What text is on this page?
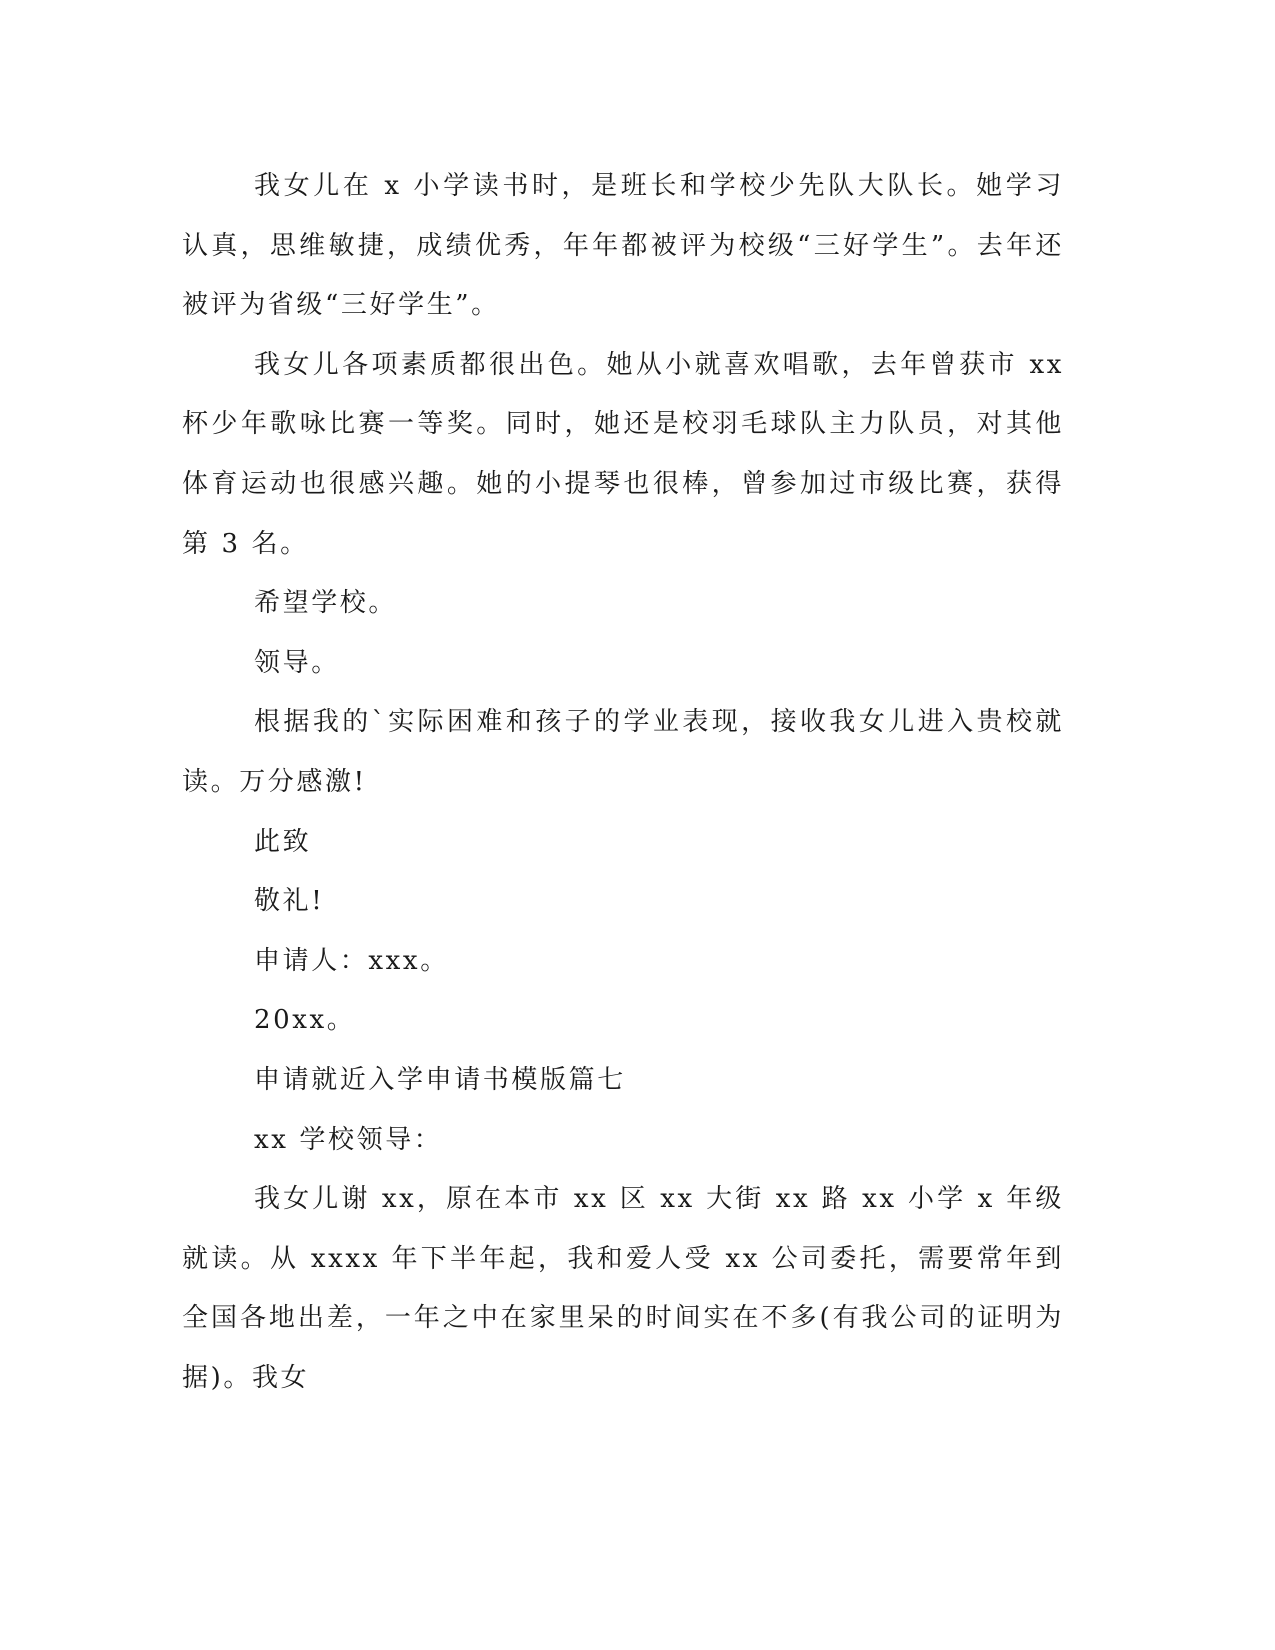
我女儿在 x 小学读书时，是班长和学校少先队大队长。她学习认真，思维敏捷，成绩优秀，年年都被评为校级“三好学生”。去年还被评为省级“三好学生”。

我女儿各项素质都很出色。她从小就喜欢唱歌，去年曾获市 xx 杯少年歌咏比赛一等奖。同时，她还是校羽毛球队主力队员，对其他体育运动也很感兴趣。她的小提琴也很棒，曾参加过市级比赛，获得第 3 名。

希望学校。

领导。

根据我的`实际困难和孩子的学业表现，接收我女儿进入贵校就读。万分感激!

此致

敬礼!

申请人：xxx。

20xx。

申请就近入学申请书模版篇七

xx 学校领导：

我女儿谢 xx，原在本市 xx 区 xx 大街 xx 路 xx 小学 x 年级就读。从 xxxx 年下半年起，我和爱人受 xx 公司委托，需要常年到全国各地出差，一年之中在家里呆的时间实在不多(有我公司的证明为据)。我女
